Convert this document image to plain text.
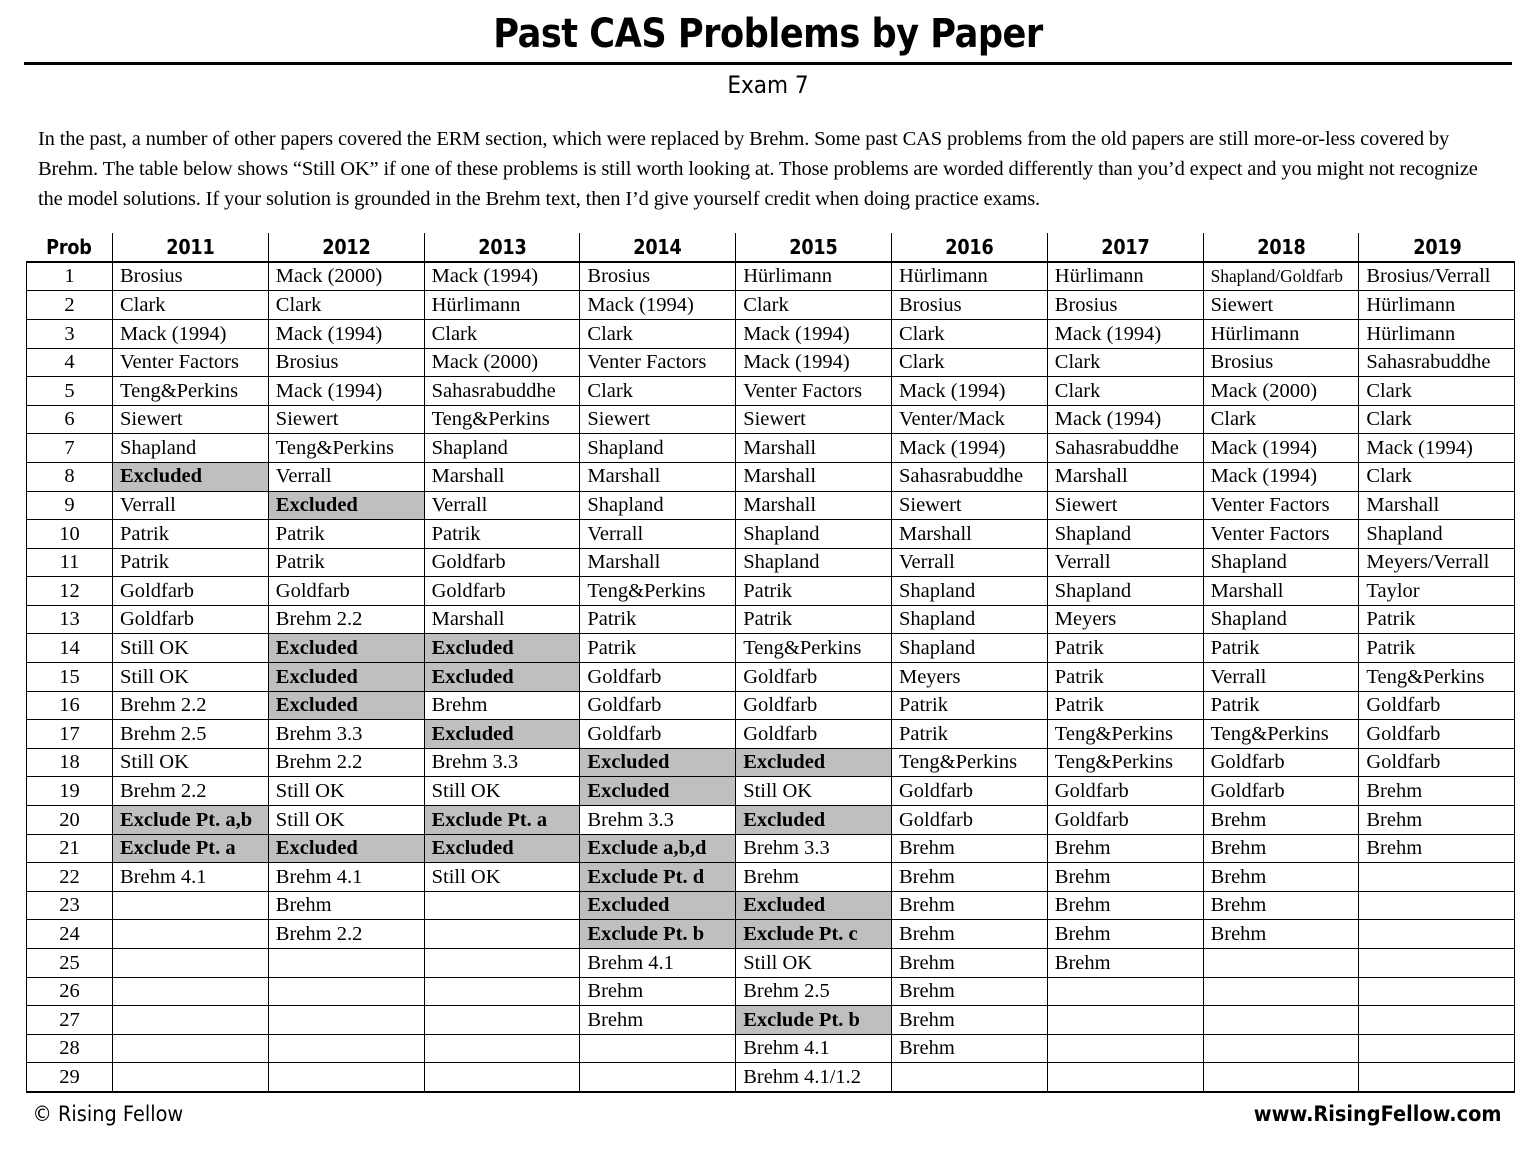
Past CAS Problems by Paper
Exam 7

In the past, a number of other papers covered the ERM section, which were replaced by Brehm. Some past CAS problems from the old papers are still more-or-less covered by Brehm. The table below shows “Still OK” if one of these problems is still worth looking at. Those problems are worded differently than you’d expect and you might not recognize the model solutions. If your solution is grounded in the Brehm text, then I’d give yourself credit when doing practice exams.

Prob	2011	2012	2013	2014	2015	2016	2017	2018	2019
1	Brosius	Mack (2000)	Mack (1994)	Brosius	Hürlimann	Hürlimann	Hürlimann	Shapland/Goldfarb	Brosius/Verrall
2	Clark	Clark	Hürlimann	Mack (1994)	Clark	Brosius	Brosius	Siewert	Hürlimann
3	Mack (1994)	Mack (1994)	Clark	Clark	Mack (1994)	Clark	Mack (1994)	Hürlimann	Hürlimann
4	Venter Factors	Brosius	Mack (2000)	Venter Factors	Mack (1994)	Clark	Clark	Brosius	Sahasrabuddhe
5	Teng&Perkins	Mack (1994)	Sahasrabuddhe	Clark	Venter Factors	Mack (1994)	Clark	Mack (2000)	Clark
6	Siewert	Siewert	Teng&Perkins	Siewert	Siewert	Venter/Mack	Mack (1994)	Clark	Clark
7	Shapland	Teng&Perkins	Shapland	Shapland	Marshall	Mack (1994)	Sahasrabuddhe	Mack (1994)	Mack (1994)
8	Excluded	Verrall	Marshall	Marshall	Marshall	Sahasrabuddhe	Marshall	Mack (1994)	Clark
9	Verrall	Excluded	Verrall	Shapland	Marshall	Siewert	Siewert	Venter Factors	Marshall
10	Patrik	Patrik	Patrik	Verrall	Shapland	Marshall	Shapland	Venter Factors	Shapland
11	Patrik	Patrik	Goldfarb	Marshall	Shapland	Verrall	Verrall	Shapland	Meyers/Verrall
12	Goldfarb	Goldfarb	Goldfarb	Teng&Perkins	Patrik	Shapland	Shapland	Marshall	Taylor
13	Goldfarb	Brehm 2.2	Marshall	Patrik	Patrik	Shapland	Meyers	Shapland	Patrik
14	Still OK	Excluded	Excluded	Patrik	Teng&Perkins	Shapland	Patrik	Patrik	Patrik
15	Still OK	Excluded	Excluded	Goldfarb	Goldfarb	Meyers	Patrik	Verrall	Teng&Perkins
16	Brehm 2.2	Excluded	Brehm	Goldfarb	Goldfarb	Patrik	Patrik	Patrik	Goldfarb
17	Brehm 2.5	Brehm 3.3	Excluded	Goldfarb	Goldfarb	Patrik	Teng&Perkins	Teng&Perkins	Goldfarb
18	Still OK	Brehm 2.2	Brehm 3.3	Excluded	Excluded	Teng&Perkins	Teng&Perkins	Goldfarb	Goldfarb
19	Brehm 2.2	Still OK	Still OK	Excluded	Still OK	Goldfarb	Goldfarb	Goldfarb	Brehm
20	Exclude Pt. a,b	Still OK	Exclude Pt. a	Brehm 3.3	Excluded	Goldfarb	Goldfarb	Brehm	Brehm
21	Exclude Pt. a	Excluded	Excluded	Exclude a,b,d	Brehm 3.3	Brehm	Brehm	Brehm	Brehm
22	Brehm 4.1	Brehm 4.1	Still OK	Exclude Pt. d	Brehm	Brehm	Brehm	Brehm	
23		Brehm		Excluded	Excluded	Brehm	Brehm	Brehm	
24		Brehm 2.2		Exclude Pt. b	Exclude Pt. c	Brehm	Brehm	Brehm	
25				Brehm 4.1	Still OK	Brehm	Brehm		
26				Brehm	Brehm 2.5	Brehm			
27				Brehm	Exclude Pt. b	Brehm			
28					Brehm 4.1	Brehm			
29					Brehm 4.1/1.2				
© Rising Fellow	www.RisingFellow.com
